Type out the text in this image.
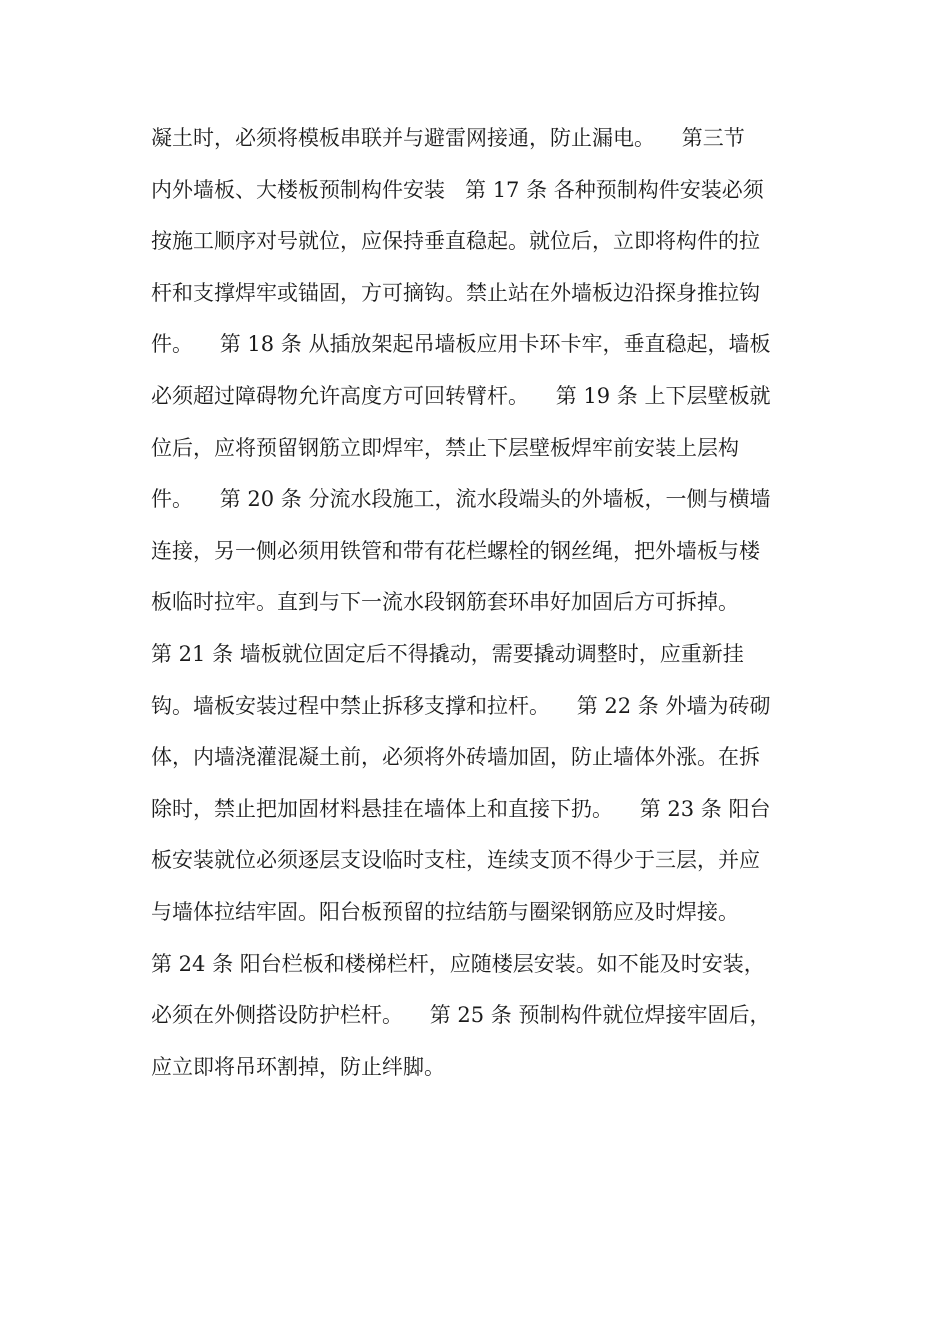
凝土时，必须将模板串联并与避雷网接通，防止漏电。    第三节
内外墙板、大楼板预制构件安装   第 17 条 各种预制构件安装必须
按施工顺序对号就位，应保持垂直稳起。就位后，立即将构件的拉
杆和支撑焊牢或锚固，方可摘钩。禁止站在外墙板边沿探身推拉钩
件。    第 18 条 从插放架起吊墙板应用卡环卡牢，垂直稳起，墙板
必须超过障碍物允许高度方可回转臂杆。    第 19 条 上下层壁板就
位后，应将预留钢筋立即焊牢，禁止下层壁板焊牢前安装上层构
件。    第 20 条 分流水段施工，流水段端头的外墙板，一侧与横墙
连接，另一侧必须用铁管和带有花栏螺栓的钢丝绳，把外墙板与楼
板临时拉牢。直到与下一流水段钢筋套环串好加固后方可拆掉。
第 21 条 墙板就位固定后不得撬动，需要撬动调整时，应重新挂
钩。墙板安装过程中禁止拆移支撑和拉杆。    第 22 条 外墙为砖砌
体，内墙浇灌混凝土前，必须将外砖墙加固，防止墙体外涨。在拆
除时，禁止把加固材料悬挂在墙体上和直接下扔。    第 23 条 阳台
板安装就位必须逐层支设临时支柱，连续支顶不得少于三层，并应
与墙体拉结牢固。阳台板预留的拉结筋与圈梁钢筋应及时焊接。
第 24 条 阳台栏板和楼梯栏杆，应随楼层安装。如不能及时安装，
必须在外侧搭设防护栏杆。    第 25 条 预制构件就位焊接牢固后，
应立即将吊环割掉，防止绊脚。
